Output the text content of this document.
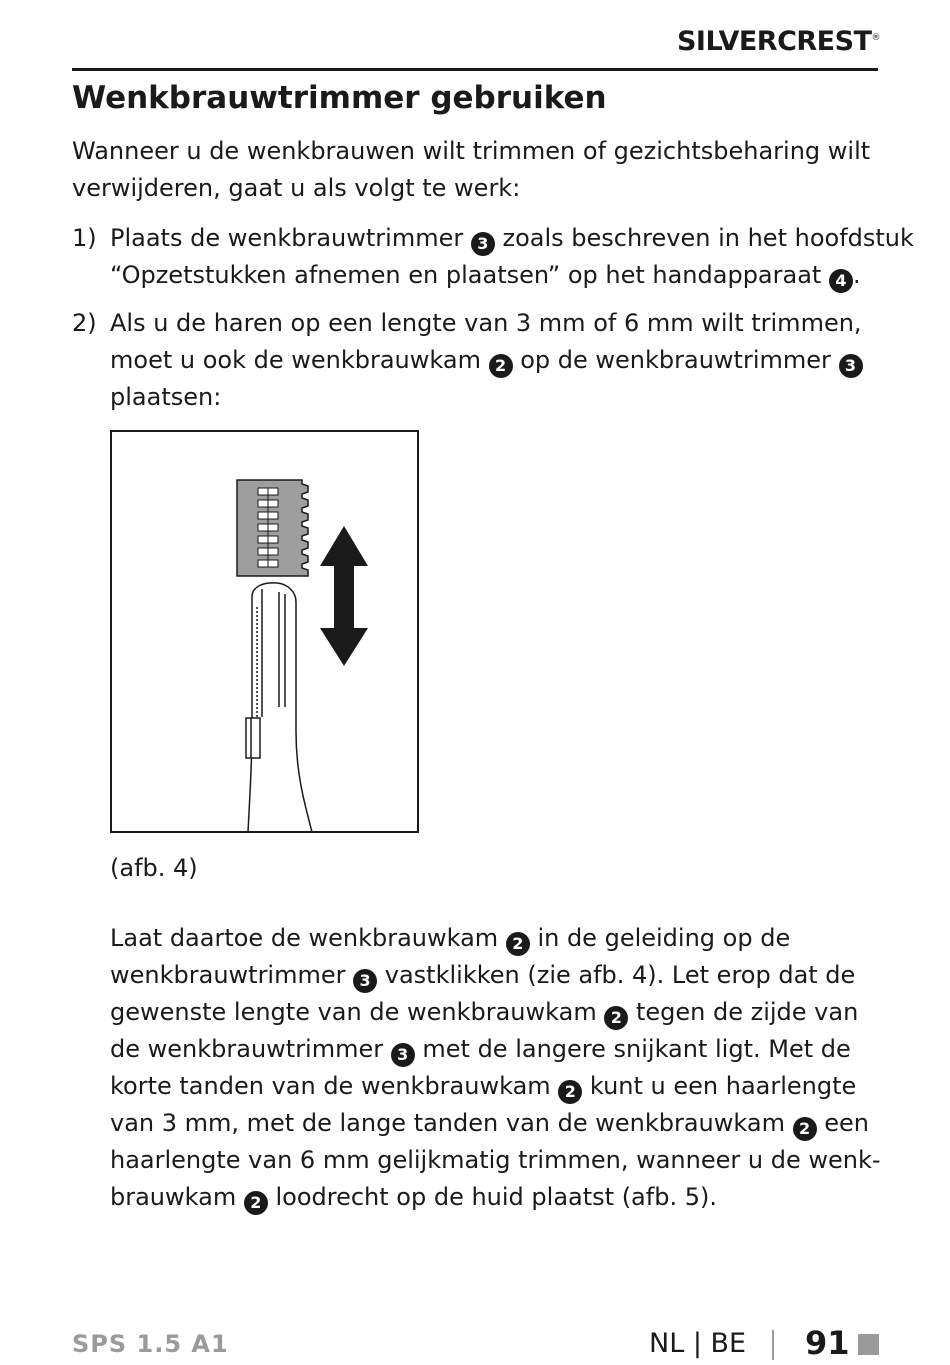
SILVERCREST®
Wenkbrauwtrimmer gebruiken
Wanneer u de wenkbrauwen wilt trimmen of gezichtsbeharing wilt
verwijderen, gaat u als volgt te werk:
1) Plaats de wenkbrauwtrimmer 3 zoals beschreven in het hoofdstuk
“Opzetstukken afnemen en plaatsen” op het handapparaat 4 .
2) Als u de haren op een lengte van 3 mm of 6 mm wilt trimmen,
moet u ook de wenkbrauwkam 2 op de wenkbrauwtrimmer 3
plaatsen:
(afb. 4)
Laat daartoe de wenkbrauwkam 2 in de geleiding op de
wenkbrauwtrimmer 3 vastklikken (zie afb. 4). Let erop dat de
gewenste lengte van de wenkbrauwkam 2 tegen de zijde van
de wenkbrauwtrimmer 3 met de langere snijkant ligt. Met de
korte tanden van de wenkbrauwkam 2 kunt u een haarlengte
van 3 mm, met de lange tanden van de wenkbrauwkam 2 een
haarlengte van 6 mm gelijkmatig trimmen, wanneer u de wenk-
brauwkam 2 loodrecht op de huid plaatst (afb. 5).
SPS 1.5 A1	NL | BE 91
